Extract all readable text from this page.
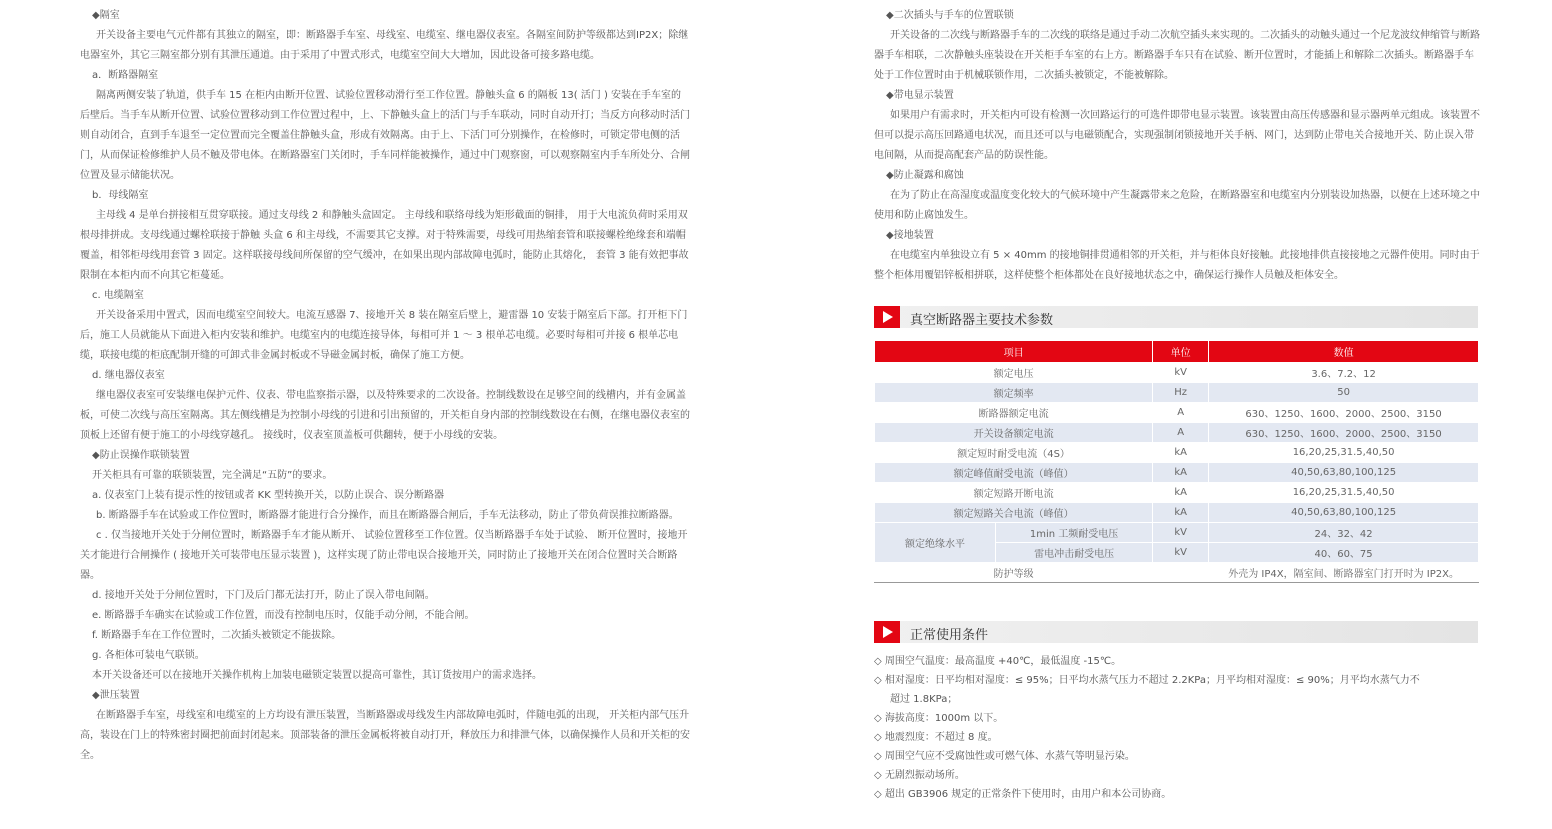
◆隔室

开关设备主要电气元件都有其独立的隔室，即：断路器手车室、母线室、电缆室、继电器仪表室。各隔室间防护等级都达到IP2X；除继电器室外，其它三隔室都分别有其泄压通道。由于采用了中置式形式，电缆室空间大大增加，因此设备可接多路电缆。

a．断路器隔室

隔离两侧安装了轨道，供手车 15 在柜内由断开位置、试验位置移动滑行至工作位置。静触头盒 6 的隔板 13( 活门 ) 安装在手车室的后壁后。当手车从断开位置、试验位置移动到工作位置过程中，上、下静触头盒上的活门与手车联动，同时自动开打；当反方向移动时活门则自动闭合，直到手车退至一定位置而完全覆盖住静触头盒，形成有效隔离。由于上、下活门可分别操作，在检修时，可锁定带电侧的活门，从而保证检修维护人员不触及带电体。在断路器室门关闭时，手车同样能被操作，通过中门观察窗，可以观察隔室内手车所处分、合闸位置及显示储能状况。

b．母线隔室

主母线 4 是单台拼接相互贯穿联接。通过支母线 2 和静触头盒固定。 主母线和联络母线为矩形截面的铜排， 用于大电流负荷时采用双根母排拼成。支母线通过螺栓联接于静触 头盒 6 和主母线，不需要其它支撑。对于特殊需要，母线可用热缩套管和联接螺栓绝缘套和端帽覆盖，相邻柜母线用套管 3 固定。这样联接母线间所保留的空气缓冲，在如果出现内部故障电弧时，能防止其熔化， 套管 3 能有效把事故限制在本柜内而不向其它柜蔓延。

c. 电缆隔室

开关设备采用中置式，因而电缆室空间较大。电流互感器 7、接地开关 8 装在隔室后壁上，避雷器 10 安装于隔室后下部。打开柜下门后，施工人员就能从下面进入柜内安装和维护。电缆室内的电缆连接导体，每相可并 1 ～ 3 根单芯电缆。必要时每相可并接 6 根单芯电缆，联接电缆的柜底配制开缝的可卸式非金属封板或不导磁金属封板，确保了施工方便。

d. 继电器仪表室

继电器仪表室可安装继电保护元件、仪表、带电监察指示器，以及特殊要求的二次设备。控制线数设在足够空间的线槽内，并有金属盖板，可使二次线与高压室隔离。其左侧线槽是为控制小母线的引进和引出预留的，开关柜自身内部的控制线数设在右侧，在继电器仪表室的顶板上还留有便于施工的小母线穿越孔。 接线时，仪表室顶盖板可供翻转，便于小母线的安装。

◆防止误操作联锁装置

开关柜具有可靠的联锁装置，完全满足“五防”的要求。

a. 仪表室门上装有提示性的按钮或者 KK 型转换开关，以防止误合、误分断路器

b. 断路器手车在试验或工作位置时，断路器才能进行合分操作，而且在断路器合闸后，手车无法移动，防止了带负荷误推拉断路器。

c . 仅当接地开关处于分闸位置时，断路器手车才能从断开、 试验位置移至工作位置。仅当断路器手车处于试验、 断开位置时，接地开关才能进行合闸操作 ( 接地开关可装带电压显示装置 )，这样实现了防止带电误合接地开关，同时防止了接地开关在闭合位置时关合断路器。

d. 接地开关处于分闸位置时，下门及后门都无法打开，防止了误入带电间隔。

e. 断路器手车确实在试验或工作位置，而没有控制电压时，仅能手动分闸，不能合闸。

f. 断路器手车在工作位置时，二次插头被锁定不能拔除。

g. 各柜体可装电气联锁。

本开关设备还可以在接地开关操作机构上加装电磁锁定装置以提高可靠性，其订货按用户的需求选择。

◆泄压装置

在断路器手车室，母线室和电缆室的上方均设有泄压装置，当断路器或母线发生内部故障电弧时，伴随电弧的出现， 开关柜内部气压升高，装设在门上的特殊密封圈把前面封闭起来。顶部装备的泄压金属板将被自动打开，释放压力和排泄气体，以确保操作人员和开关柜的安全。

◆二次插头与手车的位置联锁

开关设备的二次线与断路器手车的二次线的联络是通过手动二次航空插头来实现的。二次插头的动触头通过一个尼龙波纹伸缩管与断路器手车相联，二次静触头座装设在开关柜手车室的右上方。断路器手车只有在试验、断开位置时，才能插上和解除二次插头。断路器手车处于工作位置时由于机械联锁作用，二次插头被锁定，不能被解除。

◆带电显示装置

如果用户有需求时，开关柜内可设有检测一次回路运行的可选件即带电显示装置。该装置由高压传感器和显示器两单元组成。该装置不但可以提示高压回路通电状况，而且还可以与电磁锁配合，实现强制闭锁接地开关手柄、网门，达到防止带电关合接地开关、防止误入带电间隔，从而提高配套产品的防误性能。

◆防止凝露和腐蚀

在为了防止在高湿度或温度变化较大的气候环境中产生凝露带来之危险，在断路器室和电缆室内分别装设加热器，以便在上述环境之中使用和防止腐蚀发生。

◆接地装置

在电缆室内单独设立有 5 × 40mm 的接地铜排贯通相邻的开关柜，并与柜体良好接触。此接地排供直接接地之元器件使用。同时由于整个柜体用覆铝锌板相拼联，这样使整个柜体都处在良好接地状态之中，确保运行操作人员触及柜体安全。

真空断路器主要技术参数
项目		单位	数值
额定电压		kV	3.6、7.2、12
额定频率		Hz	50
断路器额定电流		A	630、1250、1600、2000、2500、3150
开关设备额定电流		A	630、1250、1600、2000、2500、3150
额定短时耐受电流（4S）		kA	16,20,25,31.5,40,50
额定峰值耐受电流（峰值）		kA	40,50,63,80,100,125
额定短路开断电流		kA	16,20,25,31.5,40,50
额定短路关合电流（峰值）		kA	40,50,63,80,100,125
额定绝缘水平	1min 工频耐受电压	kV	24、32、42
	雷电冲击耐受电压	kV	40、60、75
防护等级			外壳为 IP4X，隔室间、断路器室门打开时为 IP2X。
正常使用条件

◇ 周围空气温度：最高温度 +40℃，最低温度 -15℃。

◇ 相对湿度：日平均相对湿度：≤ 95%；日平均水蒸气压力不超过 2.2KPa；月平均相对湿度：≤ 90%；月平均水蒸气力不

超过 1.8KPa；

◇ 海拔高度：1000m 以下。

◇ 地震烈度：不超过 8 度。

◇ 周围空气应不受腐蚀性或可燃气体、水蒸气等明显污染。

◇ 无剧烈振动场所。

◇ 超出 GB3906 规定的正常条件下使用时，由用户和本公司协商。
